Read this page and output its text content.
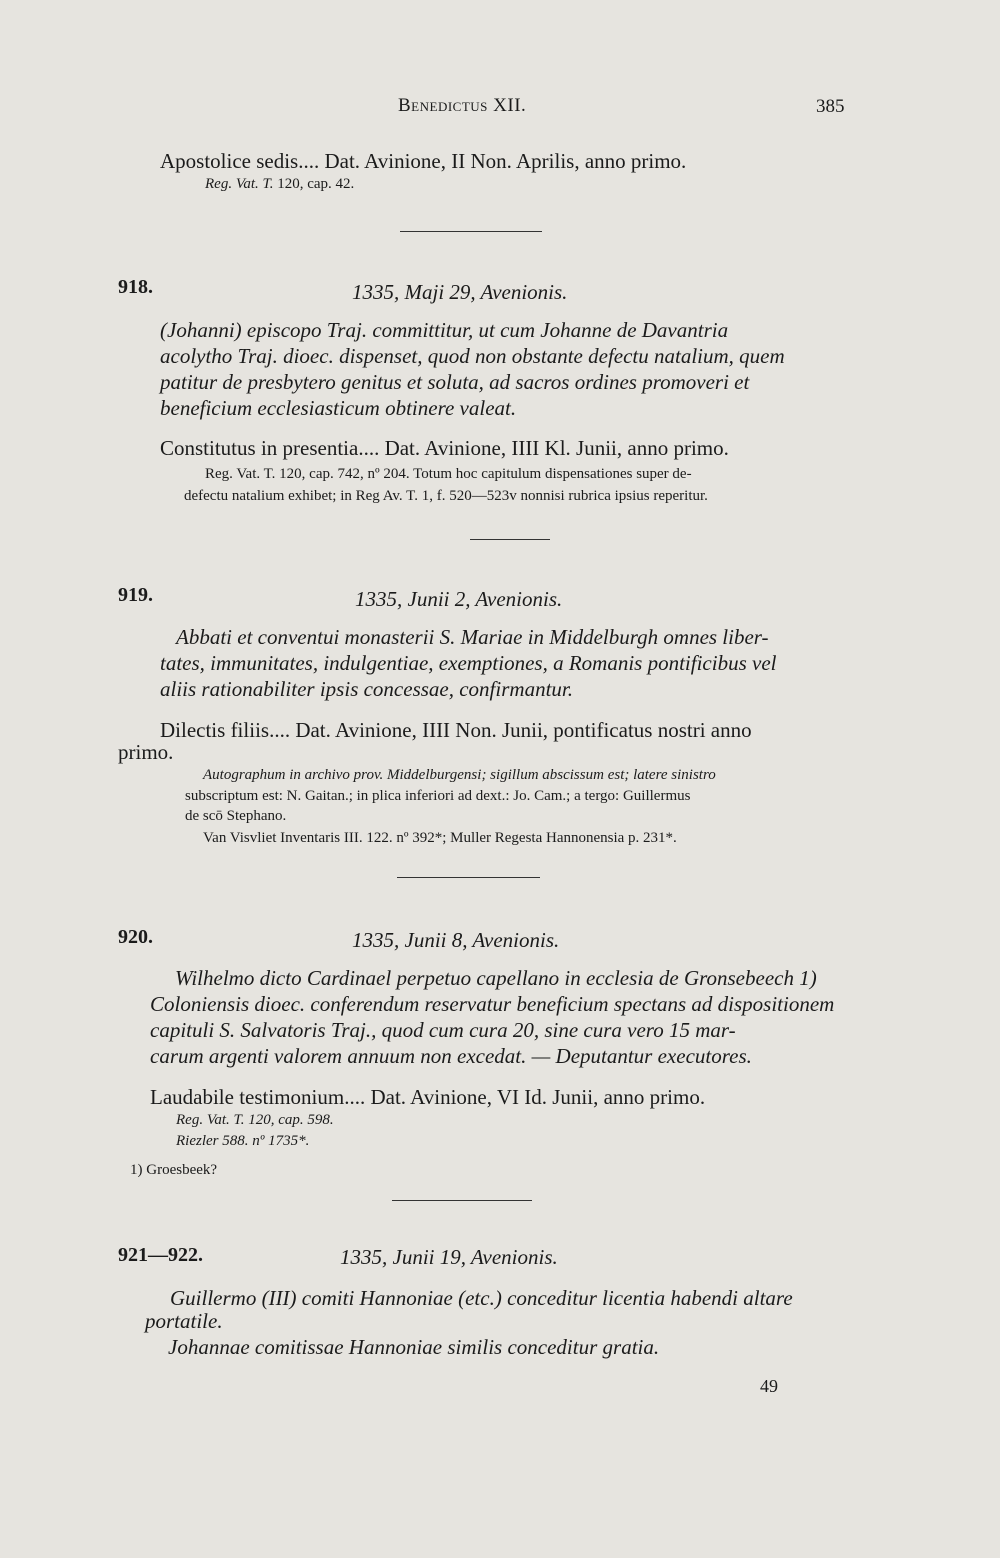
Benedictus XII.	385
Apostolice sedis.... Dat. Avinione, II Non. Aprilis, anno primo.
Reg. Vat. T. 120, cap. 42.
918.	1335, Maji 29, Avenionis.
(Johanni) episcopo Traj. committitur, ut cum Johanne de Davantria
acolytho Traj. dioec. dispenset, quod non obstante defectu natalium, quem
patitur de presbytero genitus et soluta, ad sacros ordines promoveri et
beneficium ecclesiasticum obtinere valeat.
Constitutus in presentia.... Dat. Avinione, IIII Kl. Junii, anno primo.
Reg. Vat. T. 120, cap. 742, nº 204. Totum hoc capitulum dispensationes super de-
defectu natalium exhibet; in Reg Av. T. 1, f. 520—523v nonnisi rubrica ipsius reperitur.
919.	1335, Junii 2, Avenionis.
Abbati et conventui monasterii S. Mariae in Middelburgh omnes liber-
tates, immunitates, indulgentiae, exemptiones, a Romanis pontificibus vel
aliis rationabiliter ipsis concessae, confirmantur.
Dilectis filiis.... Dat. Avinione, IIII Non. Junii, pontificatus nostri anno
primo.
Autographum in archivo prov. Middelburgensi; sigillum abscissum est; latere sinistro
subscriptum est: N. Gaitan.; in plica inferiori ad dext.: Jo. Cam.; a tergo: Guillermus
de scō Stephano.
Van Visvliet Inventaris III. 122. nº 392*; Muller Regesta Hannonensia p. 231*.
920.	1335, Junii 8, Avenionis.
Wilhelmo dicto Cardinael perpetuo capellano in ecclesia de Gronsebeech 1)
Coloniensis dioec. conferendum reservatur beneficium spectans ad dispositionem
capituli S. Salvatoris Traj., quod cum cura 20, sine cura vero 15 mar-
carum argenti valorem annuum non excedat. — Deputantur executores.
Laudabile testimonium.... Dat. Avinione, VI Id. Junii, anno primo.
Reg. Vat. T. 120, cap. 598.
Riezler 588. nº 1735*.
1) Groesbeek?
921—922.	1335, Junii 19, Avenionis.
Guillermo (III) comiti Hannoniae (etc.) conceditur licentia habendi altare
portatile.
Johannae comitissae Hannoniae similis conceditur gratia.
49
